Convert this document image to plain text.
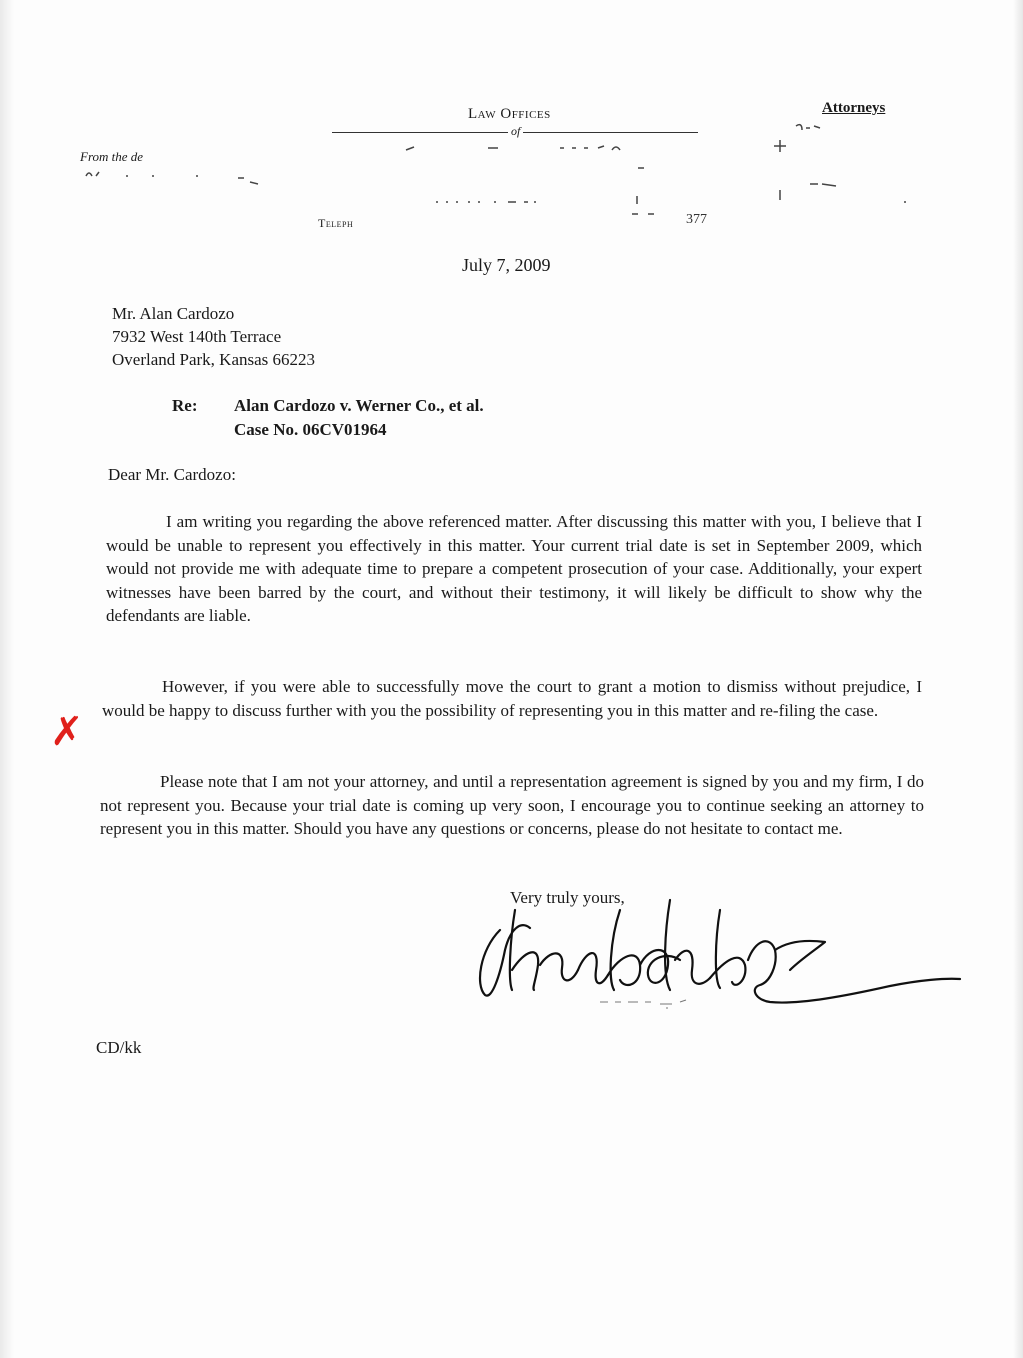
Law Offices
of
Attorneys
From the de
Teleph	377
July 7, 2009
Mr. Alan Cardozo
7932 West 140th Terrace
Overland Park, Kansas 66223
Re: Alan Cardozo v. Werner Co., et al.
Case No. 06CV01964
Dear Mr. Cardozo:
I am writing you regarding the above referenced matter. After discussing this matter with you, I believe that I would be unable to represent you effectively in this matter. Your current trial date is set in September 2009, which would not provide me with adequate time to prepare a competent prosecution of your case. Additionally, your expert witnesses have been barred by the court, and without their testimony, it will likely be difficult to show why the defendants are liable.
However, if you were able to successfully move the court to grant a motion to dismiss without prejudice, I would be happy to discuss further with you the possibility of representing you in this matter and re-filing the case.
Please note that I am not your attorney, and until a representation agreement is signed by you and my firm, I do not represent you. Because your trial date is coming up very soon, I encourage you to continue seeking an attorney to represent you in this matter. Should you have any questions or concerns, please do not hesitate to contact me.
✗
Very truly yours,
CD/kk
